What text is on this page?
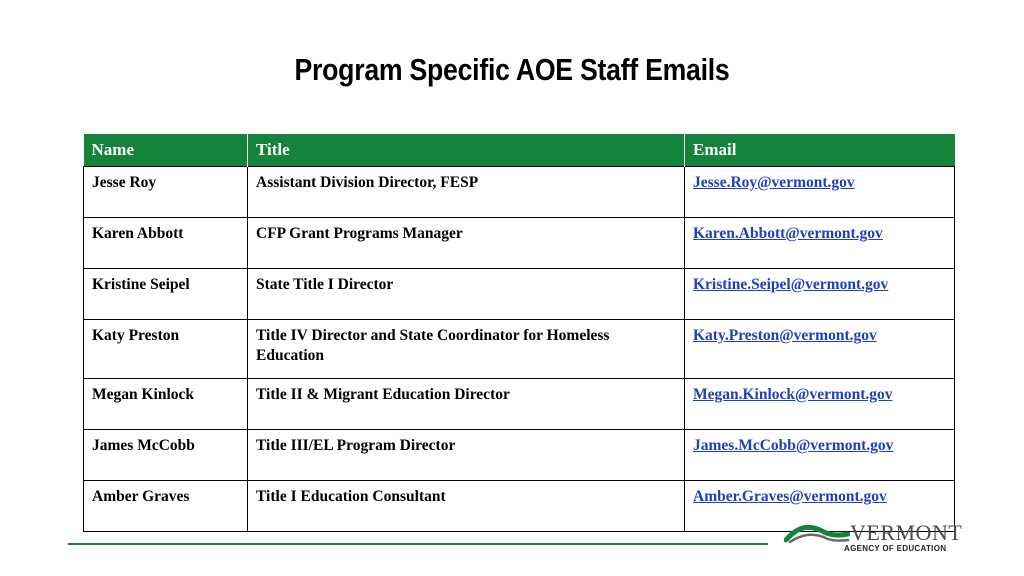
Program Specific AOE Staff Emails
Name	Title	Email
Jesse Roy	Assistant Division Director, FESP	Jesse.Roy@vermont.gov
Karen Abbott	CFP Grant Programs Manager	Karen.Abbott@vermont.gov
Kristine Seipel	State Title I Director	Kristine.Seipel@vermont.gov
Katy Preston	Title IV Director and State Coordinator for Homeless Education	Katy.Preston@vermont.gov
Megan Kinlock	Title II & Migrant Education Director	Megan.Kinlock@vermont.gov
James McCobb	Title III/EL Program Director	James.McCobb@vermont.gov
Amber Graves	Title I Education Consultant	Amber.Graves@vermont.gov
VERMONT
AGENCY OF EDUCATION
